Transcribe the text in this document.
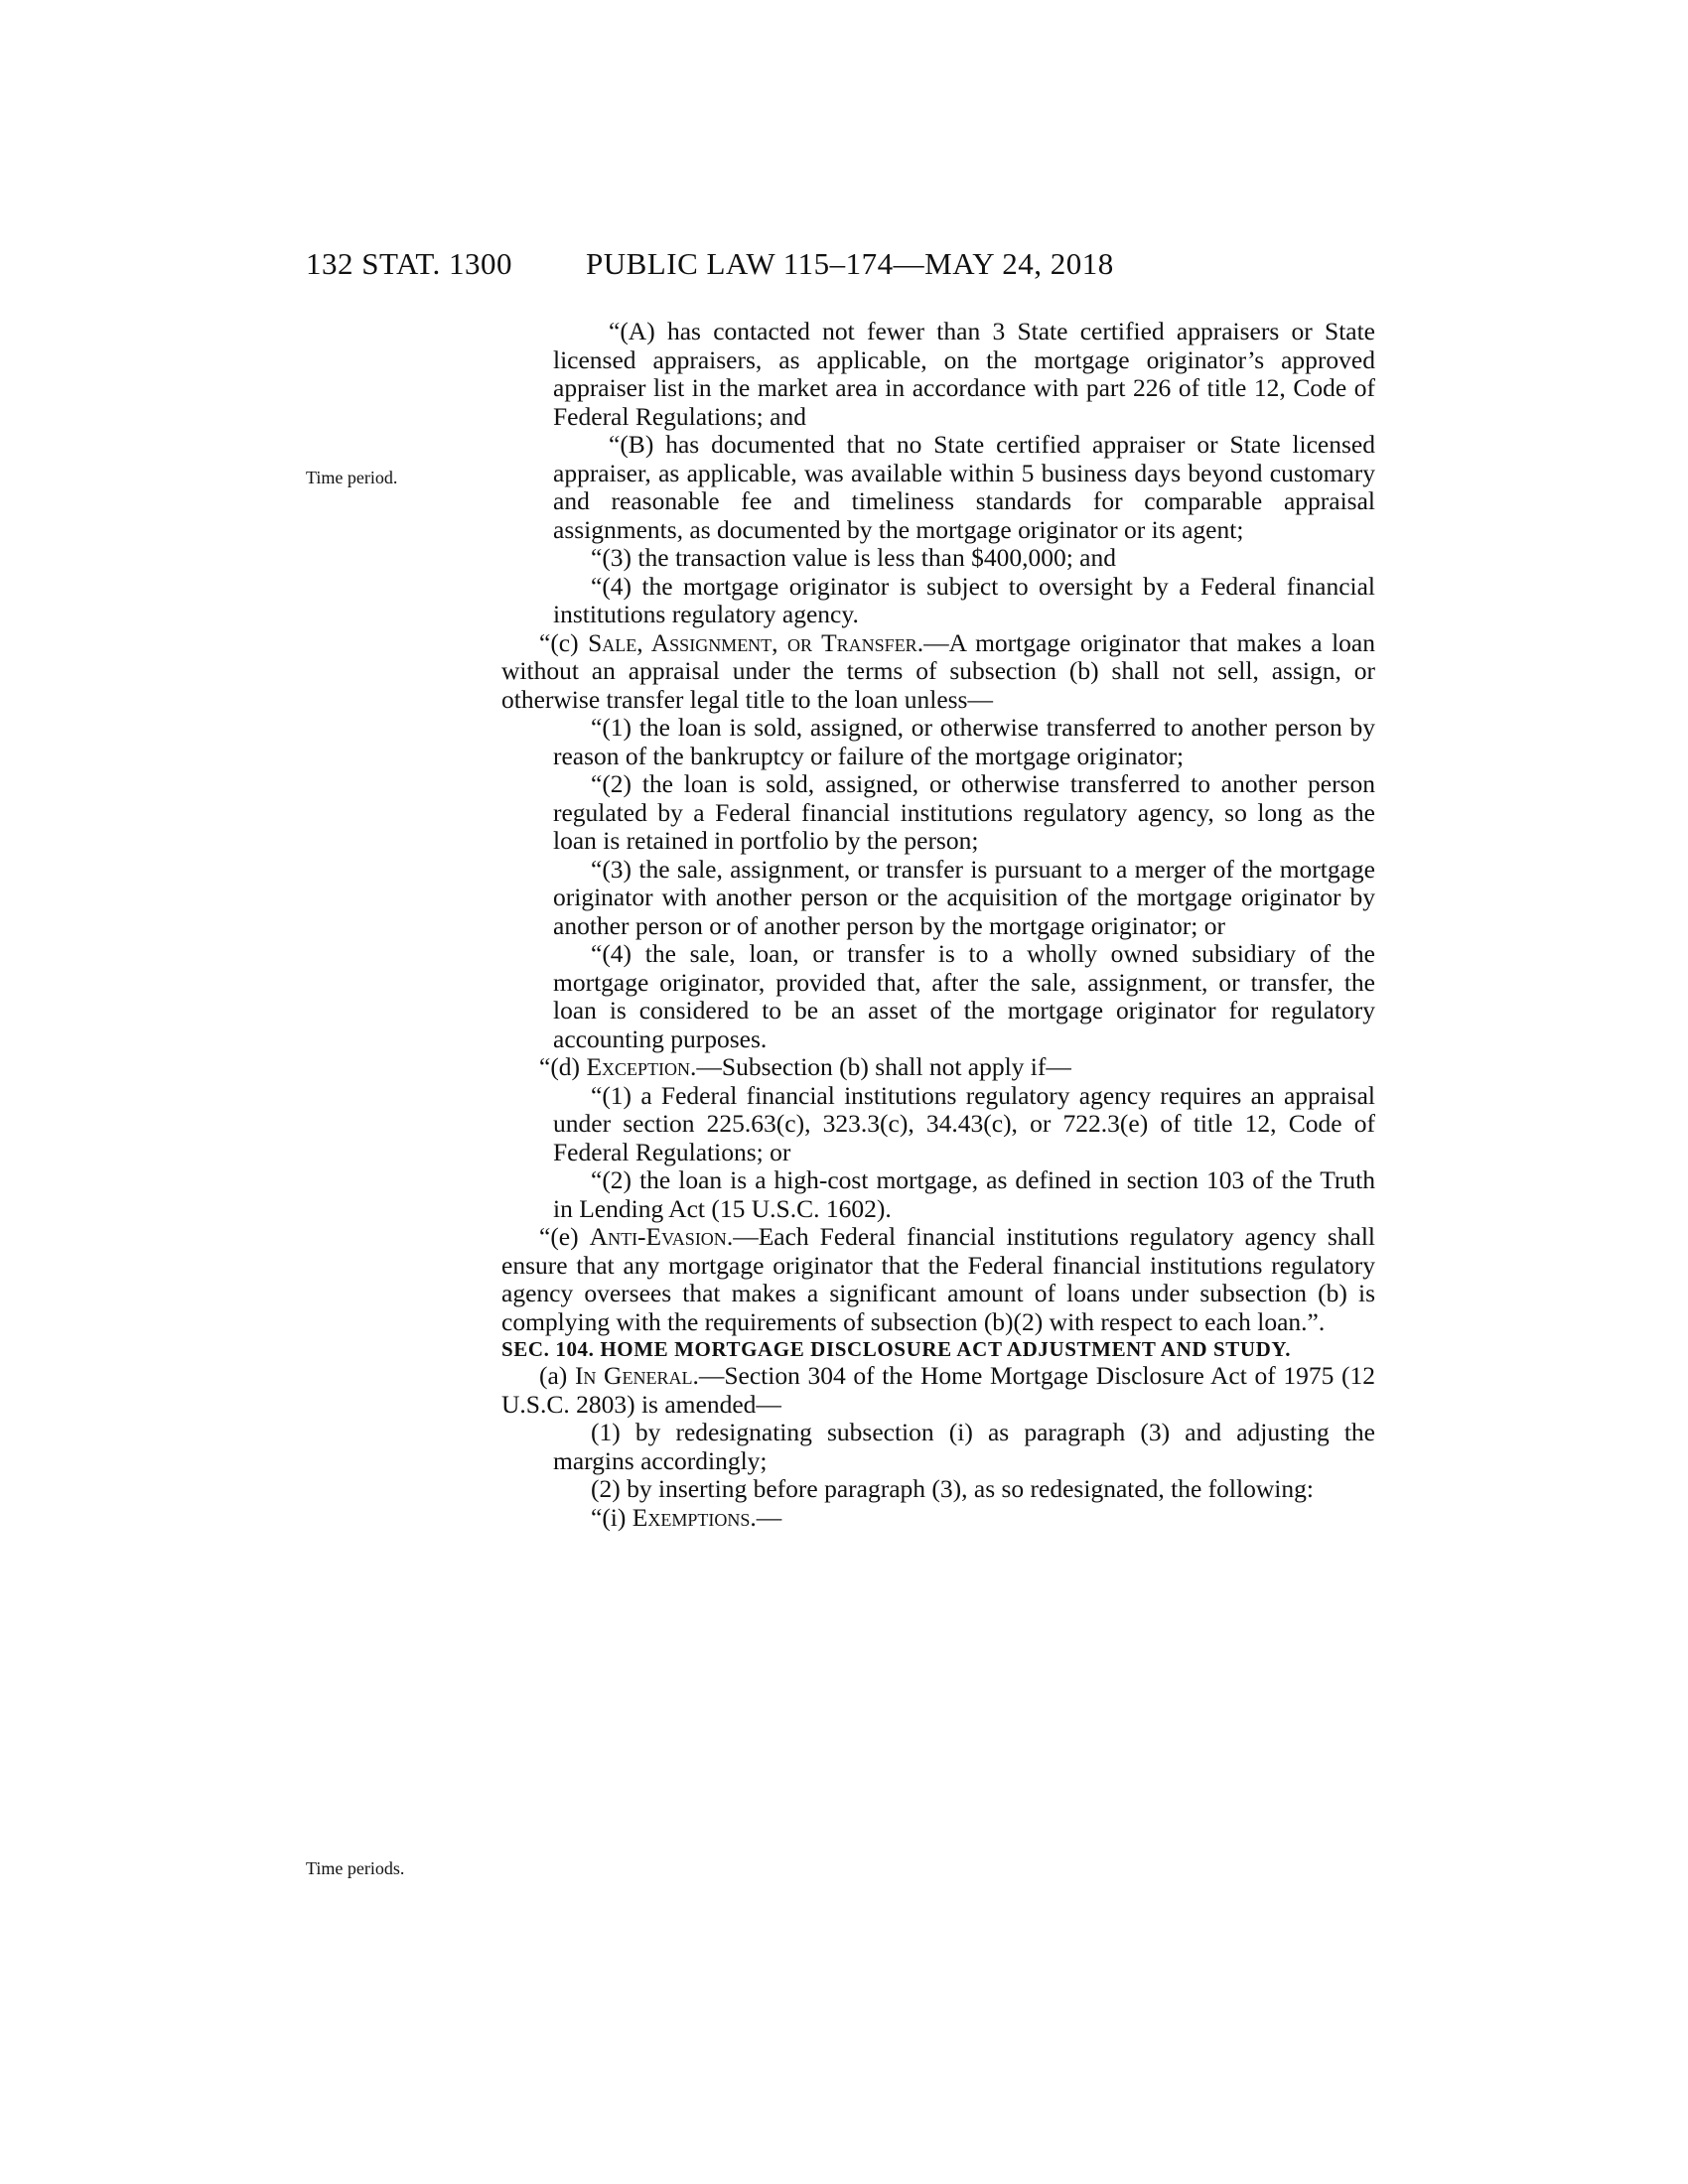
132 STAT. 1300 PUBLIC LAW 115–174—MAY 24, 2018
Time period.
Time periods.

“(A) has contacted not fewer than 3 State certified appraisers or State licensed appraisers, as applicable, on the mortgage originator’s approved appraiser list in the market area in accordance with part 226 of title 12, Code of Federal Regulations; and

“(B) has documented that no State certified appraiser or State licensed appraiser, as applicable, was available within 5 business days beyond customary and reasonable fee and timeliness standards for comparable appraisal assignments, as documented by the mortgage originator or its agent;

“(3) the transaction value is less than $400,000; and

“(4) the mortgage originator is subject to oversight by a Federal financial institutions regulatory agency.

“(c) Sale, Assignment, or Transfer.—A mortgage originator that makes a loan without an appraisal under the terms of subsection (b) shall not sell, assign, or otherwise transfer legal title to the loan unless—

“(1) the loan is sold, assigned, or otherwise transferred to another person by reason of the bankruptcy or failure of the mortgage originator;

“(2) the loan is sold, assigned, or otherwise transferred to another person regulated by a Federal financial institutions regulatory agency, so long as the loan is retained in portfolio by the person;

“(3) the sale, assignment, or transfer is pursuant to a merger of the mortgage originator with another person or the acquisition of the mortgage originator by another person or of another person by the mortgage originator; or

“(4) the sale, loan, or transfer is to a wholly owned subsidiary of the mortgage originator, provided that, after the sale, assignment, or transfer, the loan is considered to be an asset of the mortgage originator for regulatory accounting purposes.

“(d) Exception.—Subsection (b) shall not apply if—

“(1) a Federal financial institutions regulatory agency requires an appraisal under section 225.63(c), 323.3(c), 34.43(c), or 722.3(e) of title 12, Code of Federal Regulations; or

“(2) the loan is a high-cost mortgage, as defined in section 103 of the Truth in Lending Act (15 U.S.C. 1602).

“(e) Anti-Evasion.—Each Federal financial institutions regulatory agency shall ensure that any mortgage originator that the Federal financial institutions regulatory agency oversees that makes a significant amount of loans under subsection (b) is complying with the requirements of subsection (b)(2) with respect to each loan.”.

SEC. 104. HOME MORTGAGE DISCLOSURE ACT ADJUSTMENT AND STUDY.

(a) In General.—Section 304 of the Home Mortgage Disclosure Act of 1975 (12 U.S.C. 2803) is amended—

(1) by redesignating subsection (i) as paragraph (3) and adjusting the margins accordingly;

(2) by inserting before paragraph (3), as so redesignated, the following:

“(i) Exemptions.—
